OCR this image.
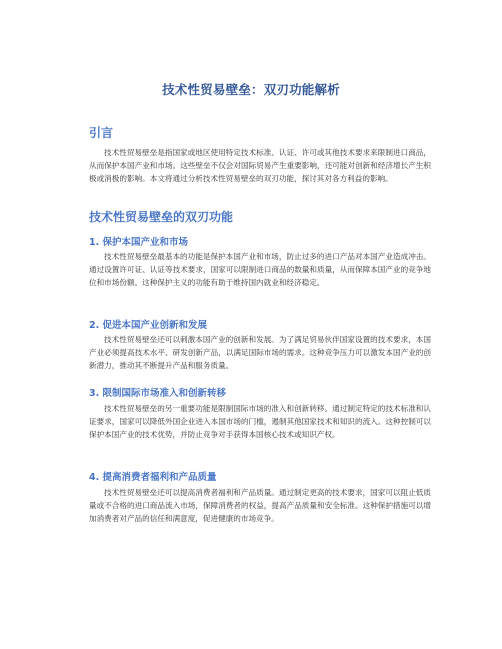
技术性贸易壁垒：双刃功能解析
引言

技术性贸易壁垒是指国家或地区使用特定技术标准、认证、许可或其他技术要求来限制进口商品，从而保护本国产业和市场。这些壁垒不仅会对国际贸易产生重要影响，还可能对创新和经济增长产生积极或消极的影响。本文将通过分析技术性贸易壁垒的双刃功能，探讨其对各方利益的影响。

技术性贸易壁垒的双刃功能
1. 保护本国产业和市场

技术性贸易壁垒最基本的功能是保护本国产业和市场，防止过多的进口产品对本国产业造成冲击。通过设置许可证、认证等技术要求，国家可以限制进口商品的数量和质量，从而保障本国产业的竞争地位和市场份额。这种保护主义的功能有助于维持国内就业和经济稳定。

2. 促进本国产业创新和发展

技术性贸易壁垒还可以刺激本国产业的创新和发展。为了满足贸易伙伴国家设置的技术要求，本国产业必须提高技术水平、研发创新产品，以满足国际市场的需求。这种竞争压力可以激发本国产业的创新潜力，推动其不断提升产品和服务质量。

3. 限制国际市场准入和创新转移

技术性贸易壁垒的另一重要功能是限制国际市场的准入和创新转移。通过制定特定的技术标准和认证要求，国家可以降低外国企业进入本国市场的门槛，遏制其他国家技术和知识的流入。这种控制可以保护本国产业的技术优势，并防止竞争对手获得本国核心技术或知识产权。

4. 提高消费者福利和产品质量

技术性贸易壁垒还可以提高消费者福利和产品质量。通过制定更高的技术要求，国家可以阻止低质量或不合格的进口商品流入市场，保障消费者的权益，提高产品质量和安全标准。这种保护措施可以增加消费者对产品的信任和满意度，促进健康的市场竞争。
